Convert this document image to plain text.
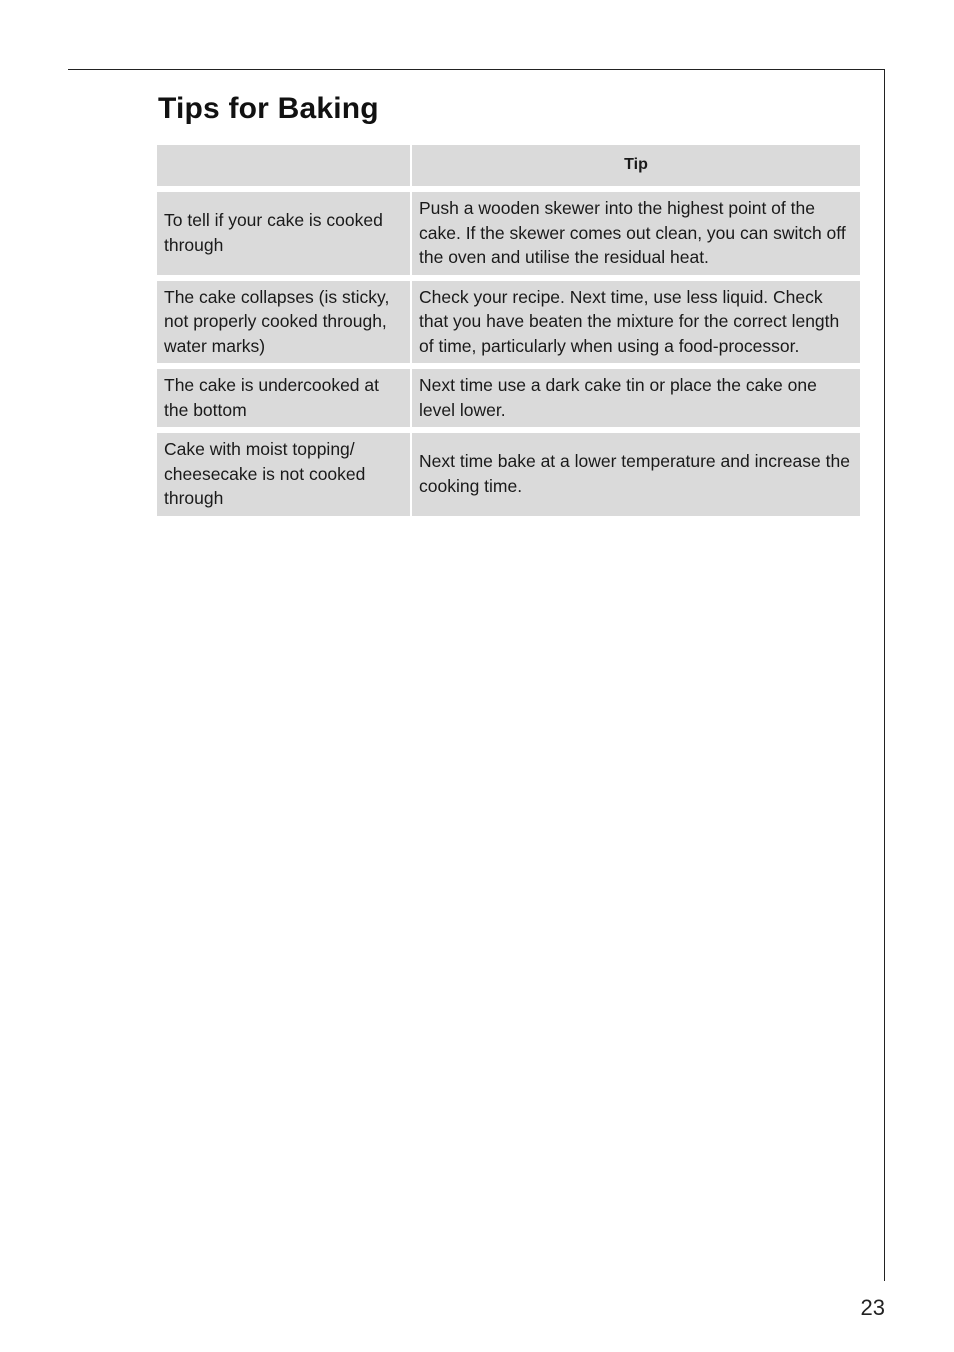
Tips for Baking
	Tip
To tell if your cake is cooked through	Push a wooden skewer into the highest point of the cake. If the skewer comes out clean, you can switch off the oven and utilise the residual heat.
The cake collapses (is sticky, not properly cooked through, water marks)	Check your recipe. Next time, use less liquid. Check that you have beaten the mixture for the correct length of time, particularly when using a food-processor.
The cake is undercooked at the bottom	Next time use a dark cake tin or place the cake one level lower.
Cake with moist topping/ cheesecake is not cooked through	Next time bake at a lower temperature and increase the cooking time.
23
